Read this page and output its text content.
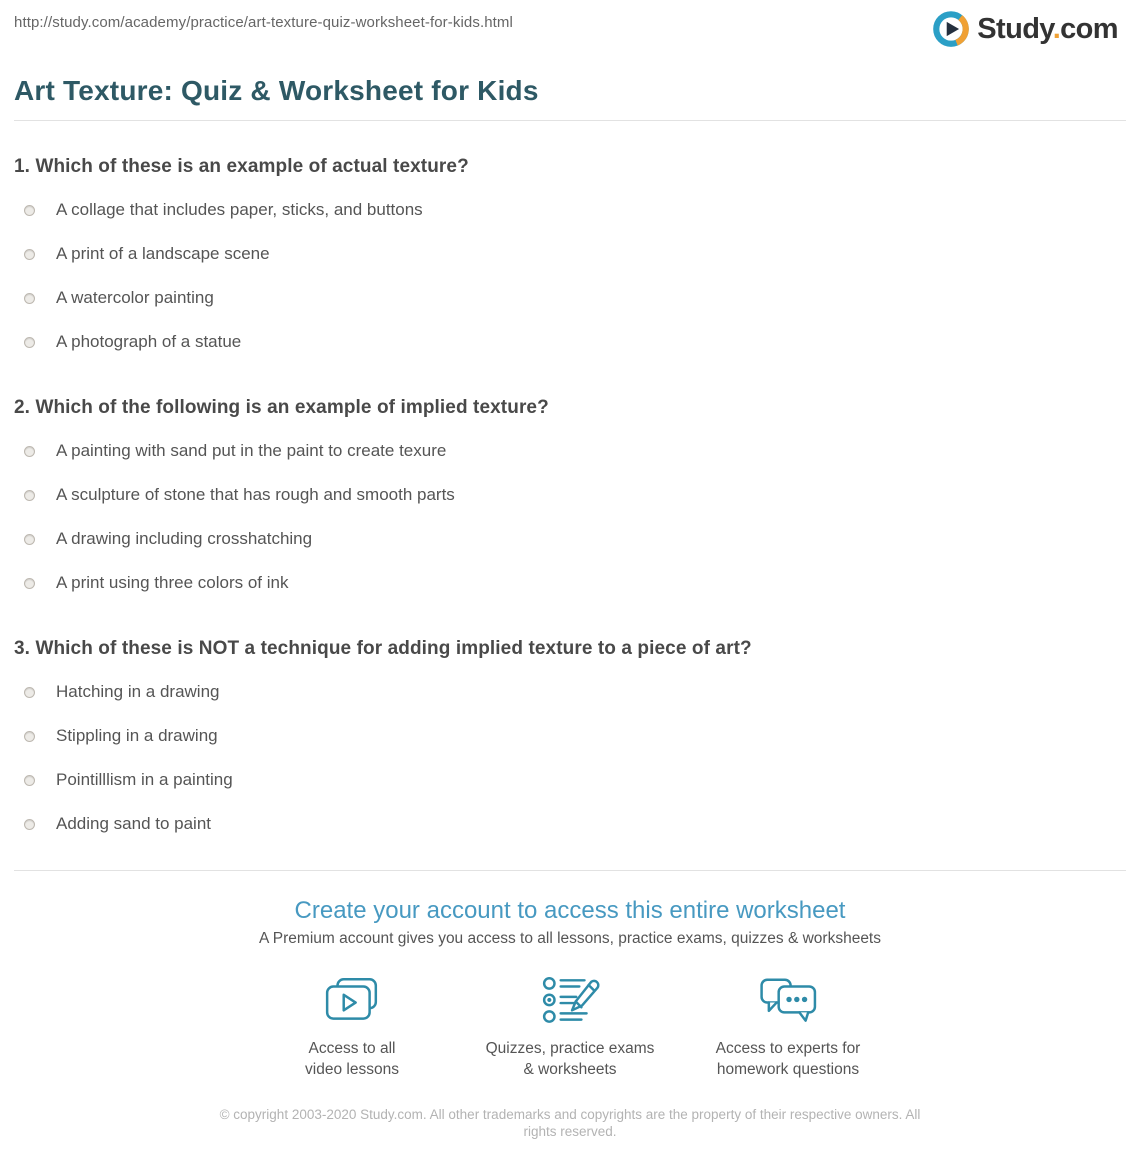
http://study.com/academy/practice/art-texture-quiz-worksheet-for-kids.html	Study.com
Art Texture: Quiz & Worksheet for Kids
1. Which of these is an example of actual texture?
A collage that includes paper, sticks, and buttons
A print of a landscape scene
A watercolor painting
A photograph of a statue
2. Which of the following is an example of implied texture?
A painting with sand put in the paint to create texure
A sculpture of stone that has rough and smooth parts
A drawing including crosshatching
A print using three colors of ink
3. Which of these is NOT a technique for adding implied texture to a piece of art?
Hatching in a drawing
Stippling in a drawing
Pointilllism in a painting
Adding sand to paint
Create your account to access this entire worksheet
A Premium account gives you access to all lessons, practice exams, quizzes & worksheets
Access to all
video lessons
Quizzes, practice exams
& worksheets
Access to experts for
homework questions
© copyright 2003-2020 Study.com. All other trademarks and copyrights are the property of their respective owners. All rights reserved.
